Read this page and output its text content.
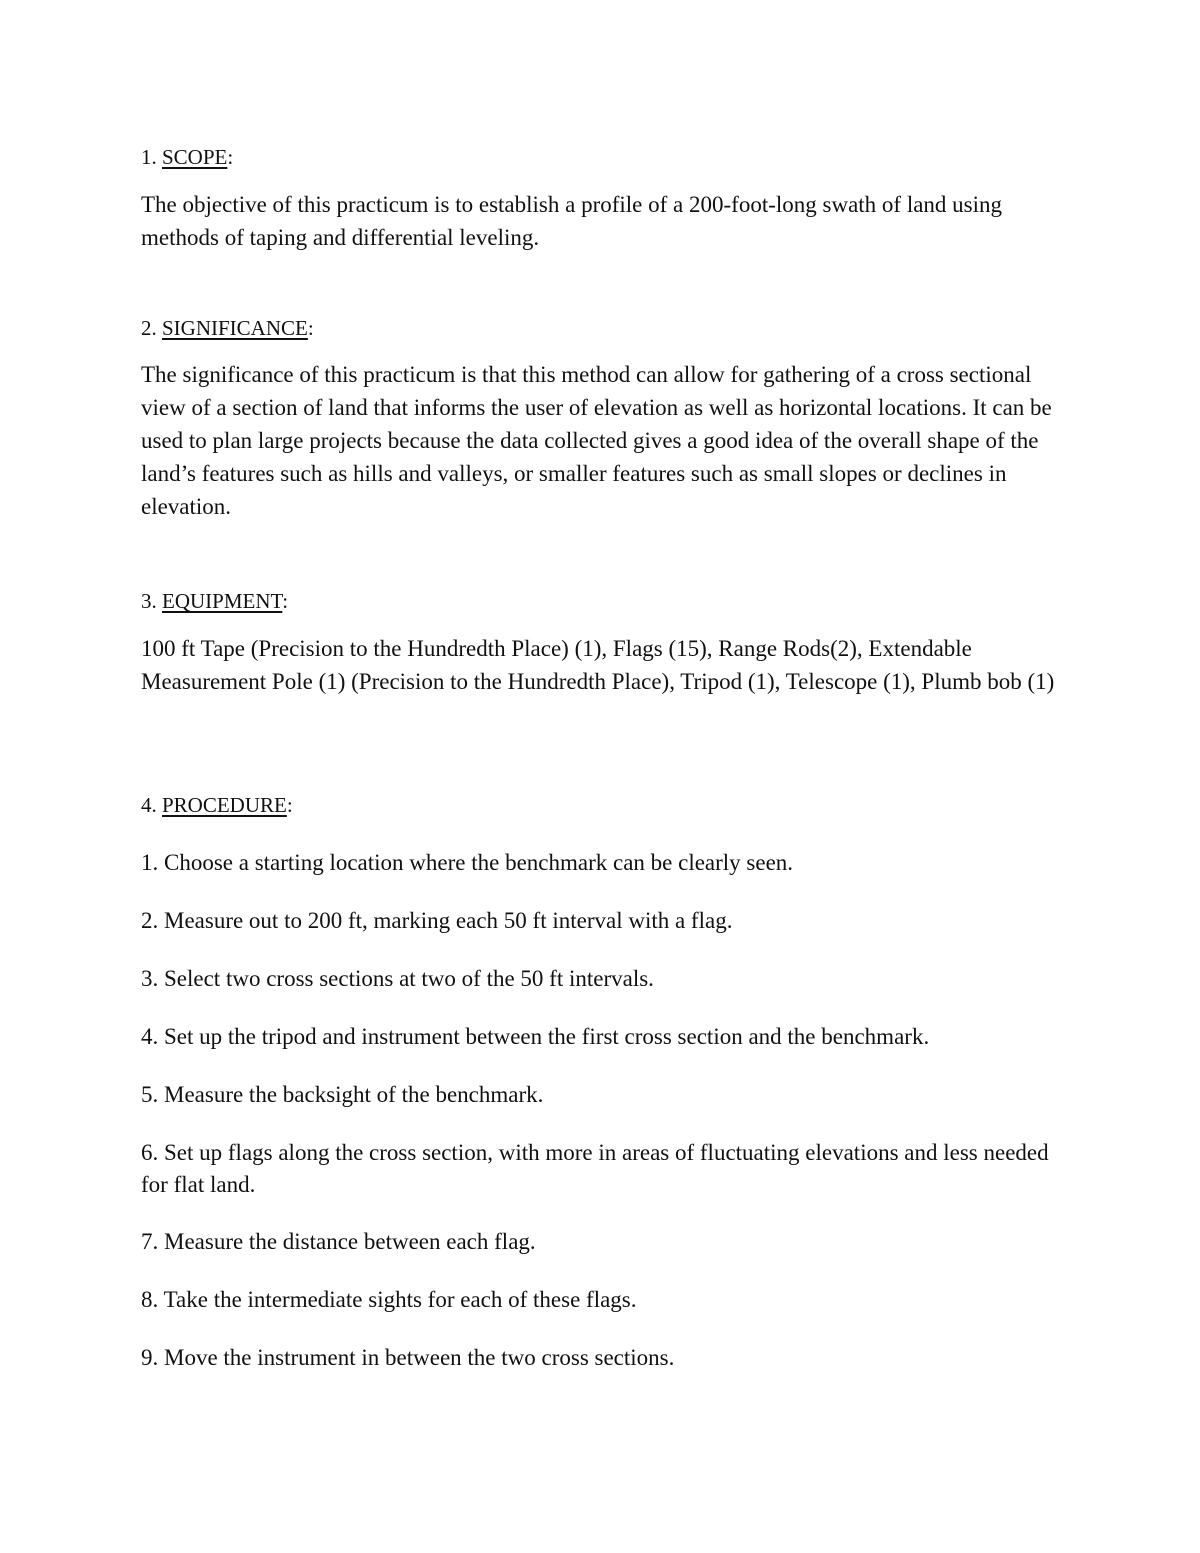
1. SCOPE:
The objective of this practicum is to establish a profile of a 200-foot-long swath of land using methods of taping and differential leveling.
2. SIGNIFICANCE:
The significance of this practicum is that this method can allow for gathering of a cross sectional view of a section of land that informs the user of elevation as well as horizontal locations. It can be used to plan large projects because the data collected gives a good idea of the overall shape of the land’s features such as hills and valleys, or smaller features such as small slopes or declines in elevation.
3. EQUIPMENT:
100 ft Tape (Precision to the Hundredth Place) (1), Flags (15), Range Rods(2), Extendable Measurement Pole (1) (Precision to the Hundredth Place), Tripod (1), Telescope (1), Plumb bob (1)
4. PROCEDURE:
1. Choose a starting location where the benchmark can be clearly seen.
2. Measure out to 200 ft, marking each 50 ft interval with a flag.
3. Select two cross sections at two of the 50 ft intervals.
4. Set up the tripod and instrument between the first cross section and the benchmark.
5. Measure the backsight of the benchmark.
6. Set up flags along the cross section, with more in areas of fluctuating elevations and less needed for flat land.
7. Measure the distance between each flag.
8. Take the intermediate sights for each of these flags.
9. Move the instrument in between the two cross sections.
